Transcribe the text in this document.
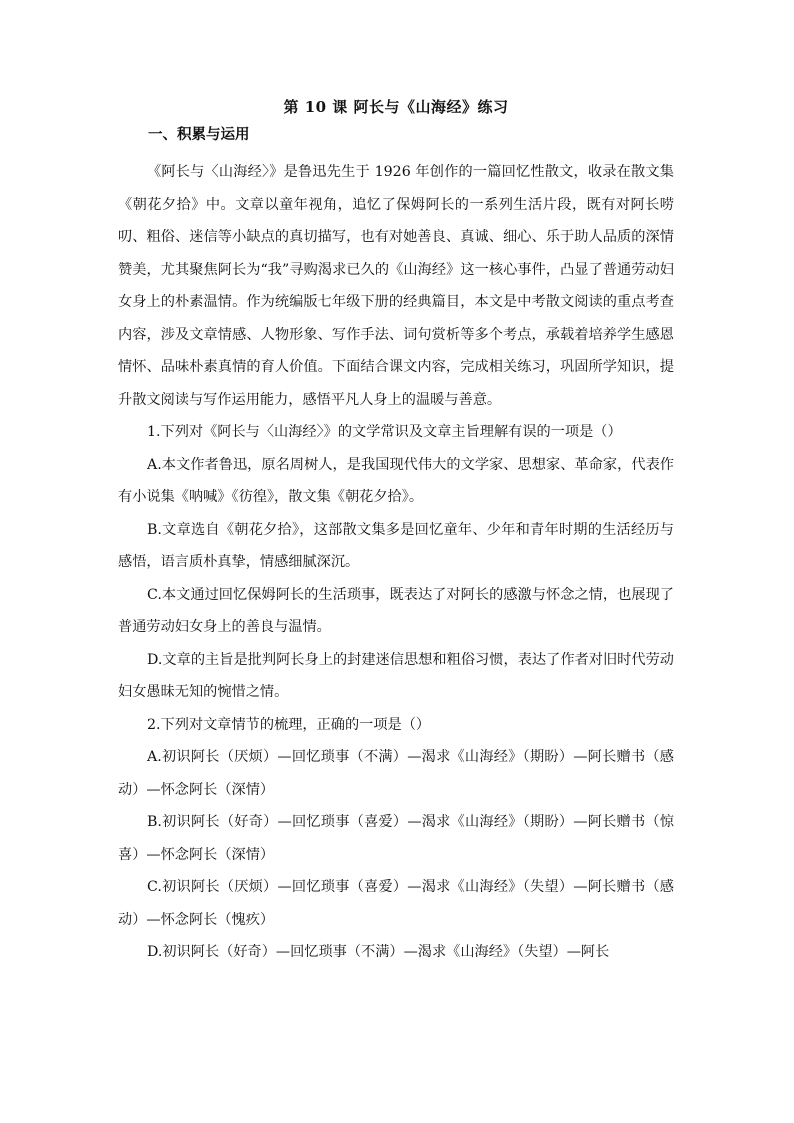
第 10 课 阿长与《山海经》练习
一、积累与运用

《阿长与〈山海经〉》是鲁迅先生于 1926 年创作的一篇回忆性散文，收录在散文集《朝花夕拾》中。文章以童年视角，追忆了保姆阿长的一系列生活片段，既有对阿长唠叨、粗俗、迷信等小缺点的真切描写，也有对她善良、真诚、细心、乐于助人品质的深情赞美，尤其聚焦阿长为“我”寻购渴求已久的《山海经》这一核心事件，凸显了普通劳动妇女身上的朴素温情。作为统编版七年级下册的经典篇目，本文是中考散文阅读的重点考查内容，涉及文章情感、人物形象、写作手法、词句赏析等多个考点，承载着培养学生感恩情怀、品味朴素真情的育人价值。下面结合课文内容，完成相关练习，巩固所学知识，提升散文阅读与写作运用能力，感悟平凡人身上的温暖与善意。

1.下列对《阿长与〈山海经〉》的文学常识及文章主旨理解有误的一项是（）

A.本文作者鲁迅，原名周树人，是我国现代伟大的文学家、思想家、革命家，代表作有小说集《呐喊》《彷徨》，散文集《朝花夕拾》。

B.文章选自《朝花夕拾》，这部散文集多是回忆童年、少年和青年时期的生活经历与感悟，语言质朴真挚，情感细腻深沉。

C.本文通过回忆保姆阿长的生活琐事，既表达了对阿长的感激与怀念之情，也展现了普通劳动妇女身上的善良与温情。

D.文章的主旨是批判阿长身上的封建迷信思想和粗俗习惯，表达了作者对旧时代劳动妇女愚昧无知的惋惜之情。

2.下列对文章情节的梳理，正确的一项是（）

A.初识阿长（厌烦）—回忆琐事（不满）—渴求《山海经》（期盼）—阿长赠书（感动）—怀念阿长（深情）

B.初识阿长（好奇）—回忆琐事（喜爱）—渴求《山海经》（期盼）—阿长赠书（惊喜）—怀念阿长（深情）

C.初识阿长（厌烦）—回忆琐事（喜爱）—渴求《山海经》（失望）—阿长赠书（感动）—怀念阿长（愧疚）

D.初识阿长（好奇）—回忆琐事（不满）—渴求《山海经》（失望）—阿长
